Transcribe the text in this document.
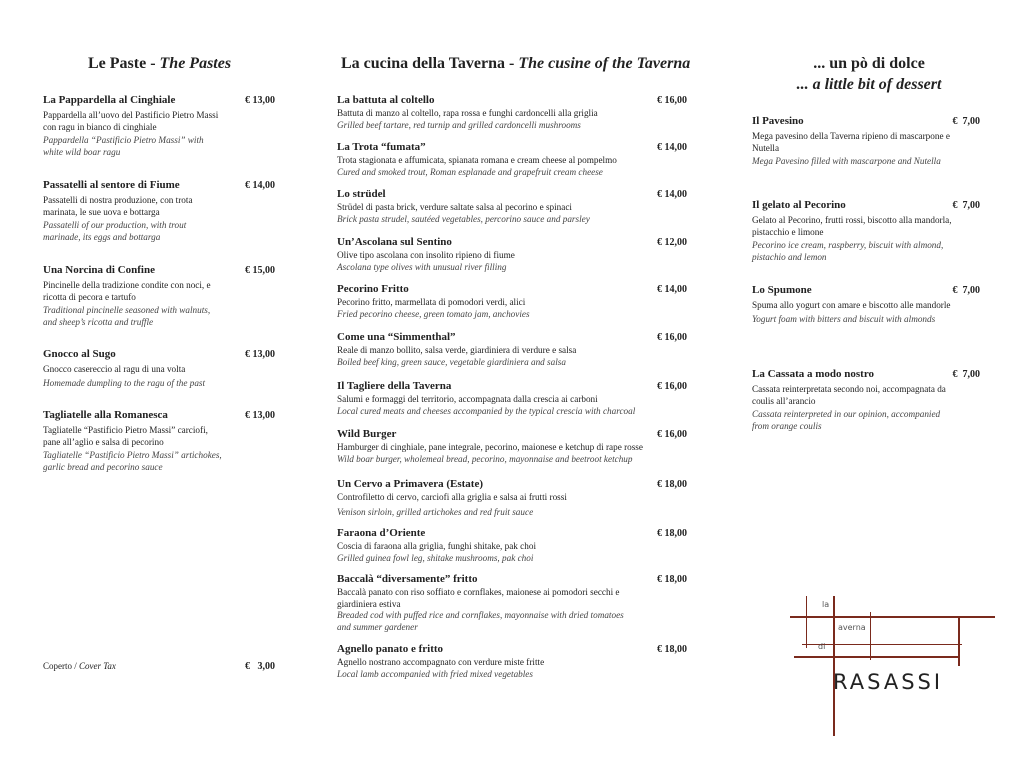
Le Paste - The Pastes	La cucina della Taverna - The cusine of the Taverna	... un pò di dolce
... a little bit of dessert
La Pappardella al Cinghiale	€ 13,00
Pappardella all’uovo del Pastificio Pietro Massi con ragu in bianco di cinghiale
Pappardella “Pastificio Pietro Massi” with white wild boar ragu
Passatelli al sentore di Fiume	€ 14,00
Passatelli di nostra produzione, con trota marinata, le sue uova e bottarga
Passatelli of our production, with trout marinade, its eggs and bottarga
Una Norcina di Confine	€ 15,00
Pincinelle della tradizione condite con noci, e ricotta di pecora e tartufo
Traditional pincinelle seasoned with walnuts, and sheep’s ricotta and truffle
Gnocco al Sugo	€ 13,00
Gnocco casereccio al ragu di una volta
Homemade dumpling to the ragu of the past
Tagliatelle alla Romanesca	€ 13,00
Tagliatelle “Pastificio Pietro Massi” carciofi, pane all’aglio e salsa di pecorino
Tagliatelle “Pastificio Pietro Massi” artichokes, garlic bread and pecorino sauce
Coperto / Cover Tax	€   3,00
La battuta al coltello	€ 16,00
Battuta di manzo al coltello, rapa rossa e funghi cardoncelli alla griglia
Grilled beef tartare, red turnip and grilled cardoncelli mushrooms
La Trota “fumata”	€ 14,00
Trota stagionata e affumicata, spianata romana e cream cheese al pompelmo
Cured and smoked trout, Roman esplanade and grapefruit cream cheese
Lo strüdel	€ 14,00
Strüdel di pasta brick, verdure saltate salsa al pecorino e spinaci
Brick pasta strudel, sautéed vegetables, percorino sauce and parsley
Un’Ascolana sul Sentino	€ 12,00
Olive tipo ascolana con insolito ripieno di fiume
Ascolana type olives with unusual river filling
Pecorino Fritto	€ 14,00
Pecorino fritto, marmellata di pomodori verdi, alici
Fried pecorino cheese, green tomato jam, anchovies
Come una “Simmenthal”	€ 16,00
Reale di manzo bollito, salsa verde, giardiniera di verdure e salsa
Boiled beef king, green sauce, vegetable giardiniera and salsa
Il Tagliere della Taverna	€ 16,00
Salumi e formaggi del territorio, accompagnata dalla crescia ai carboni
Local cured meats and cheeses accompanied by the typical crescia with charcoal
Wild Burger	€ 16,00
Hamburger di cinghiale, pane integrale, pecorino, maionese e ketchup di rape rosse
Wild boar burger, wholemeal bread, pecorino, mayonnaise and beetroot ketchup
Un Cervo a Primavera (Estate)	€ 18,00
Controfiletto di cervo, carciofi alla griglia e salsa ai frutti rossi
Venison sirloin, grilled artichokes and red fruit sauce
Faraona d’Oriente	€ 18,00
Coscia di faraona alla griglia, funghi shitake, pak choi
Grilled guinea fowl leg, shitake mushrooms, pak choi
Baccalà “diversamente” fritto	€ 18,00
Baccalà panato con riso soffiato e cornflakes, maionese ai pomodori secchi e giardiniera estiva
Breaded cod with puffed rice and cornflakes, mayonnaise with dried tomatoes and summer gardener
Agnello panato e fritto	€ 18,00
Agnello nostrano accompagnato con verdure miste fritte
Local lamb accompanied with fried mixed vegetables
Il Pavesino	€  7,00
Mega pavesino della Taverna ripieno di mascarpone e Nutella
Mega Pavesino filled with mascarpone and Nutella
Il gelato al Pecorino	€  7,00
Gelato al Pecorino, frutti rossi, biscotto alla mandorla, pistacchio e limone
Pecorino ice cream, raspberry, biscuit with almond, pistachio and lemon
Lo Spumone	€  7,00
Spuma allo yogurt con amare e biscotto alle mandorle
Yogurt foam with bitters and biscuit with almonds
La Cassata a modo nostro	€  7,00
Cassata reinterpretata secondo noi, accompagnata da coulis all’arancio
Cassata reinterpreted in our opinion, accompanied from orange coulis
la
averna
di
RASASSI
